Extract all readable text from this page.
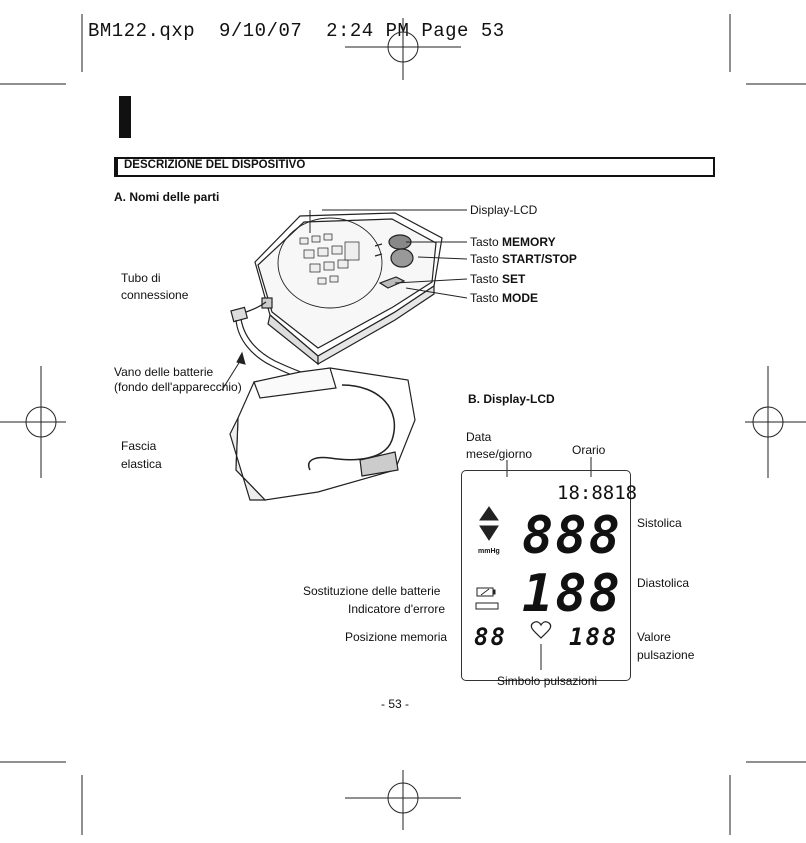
BM122.qxp 9/10/07 2:24 PM Page 53
DESCRIZIONE DEL DISPOSITIVO
A. Nomi delle parti
Display-LCD
Tasto MEMORY
Tasto START/STOP
Tasto SET
Tasto MODE
Tubo di
connessione
Vano delle batterie
(fondo dell'apparecchio)
Fascia
elastica
B. Display-LCD
Data
mese/giorno	Orario
18:8818
888
mmHg
188
88	188
Sistolica
Diastolica
Sostituzione delle batterie
Indicatore d'errore
Posizione memoria	Valore
pulsazione
Simbolo pulsazioni
- 53 -
